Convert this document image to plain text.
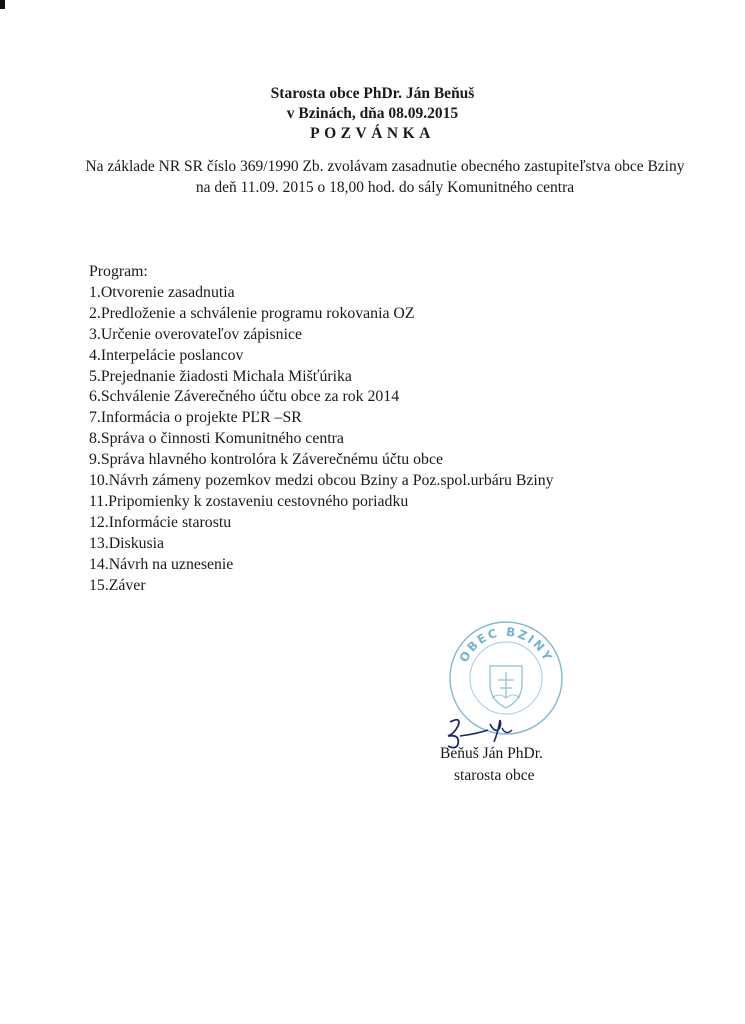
Starosta obce PhDr. Ján Beňuš
v Bzinách, dňa 08.09.2015
POZVÁNKA
Na základe NR SR číslo 369/1990 Zb. zvolávam zasadnutie obecného zastupiteľstva obce Bziny na deň 11.09. 2015 o 18,00 hod. do sály Komunitného centra
Program:
1.Otvorenie zasadnutia
2.Predloženie a schválenie programu rokovania OZ
3.Určenie overovateľov zápisnice
4.Interpelácie poslancov
5.Prejednanie žiadosti Michala Mišťúrika
6.Schválenie Záverečného účtu obce za rok 2014
7.Informácia o projekte PĽR –SR
8.Správa o činnosti Komunitného centra
9.Správa hlavného kontrolóra k Záverečnému účtu obce
10.Návrh zámeny pozemkov medzi obcou Bziny a Poz.spol.urbáru Bziny
11.Pripomienky k zostaveniu cestovného poriadku
12.Informácie starostu
13.Diskusia
14.Návrh na uznesenie
15.Záver
OBEC BZINY
Beňuš Ján PhDr.
starosta obce
